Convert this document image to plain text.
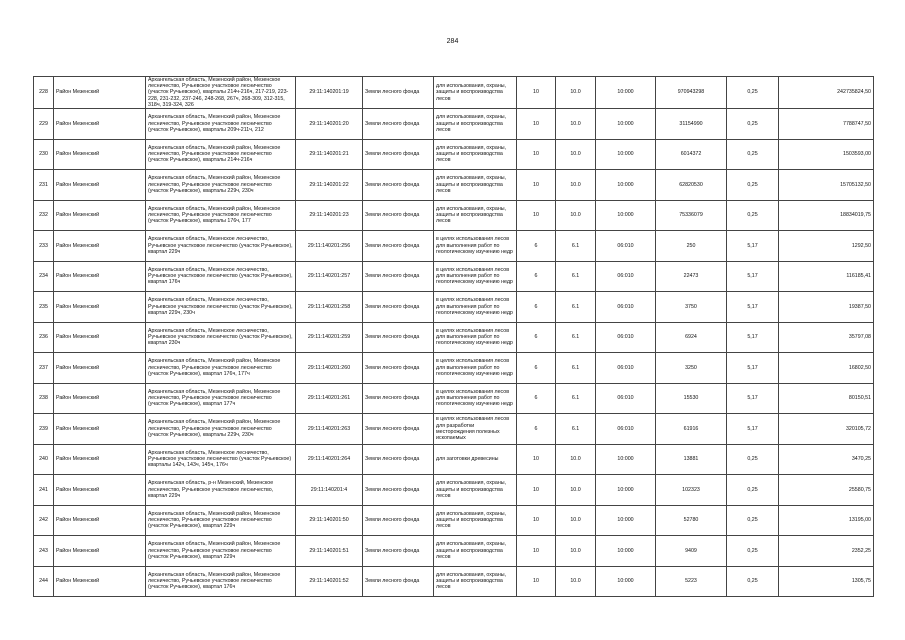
284
228	Район Мезенский	Архангельская область, Мезенский район, Мезенское лесничество, Ручьевское участковое лесничество (участок Ручьевское), кварталы 214ч-216ч, 217-219, 223-228, 231-232, 237-246, 248-268, 267ч, 268-309, 312-315, 318ч, 319-324, 326	29:11:140201:19	Земли лесного фонда	для использования, охраны, защиты и воспроизводства лесов	10	10.0	10:000	970943298	0,25	242735824,50
229	Район Мезенский	Архангельская область, Мезенский район, Мезенское лесничество, Ручьевское участковое лесничество (участок Ручьевское), кварталы 209ч-211ч, 212	29:11:140201:20	Земли лесного фонда	для использования, охраны, защиты и воспроизводства лесов	10	10.0	10:000	31154990	0,25	7788747,50
230	Район Мезенский	Архангельская область, Мезенский район, Мезенское лесничество, Ручьевское участковое лесничество (участок Ручьевское), кварталы 214ч-216ч	29:11:140201:21	Земли лесного фонда	для использования, охраны, защиты и воспроизводства лесов	10	10.0	10:000	6014372	0,25	1503593,00
231	Район Мезенский	Архангельская область, Мезенский район, Мезенское лесничество, Ручьевское участковое лесничество (участок Ручьевское), кварталы 229ч, 230ч	29:11:140201:22	Земли лесного фонда	для использования, охраны, защиты и воспроизводства лесов	10	10.0	10:000	62820530	0,25	15705132,50
232	Район Мезенский	Архангельская область, Мезенский район, Мезенское лесничество, Ручьевское участковое лесничество (участок Ручьевское), кварталы 176ч, 177	29:11:140201:23	Земли лесного фонда	для использования, охраны, защиты и воспроизводства лесов	10	10.0	10:000	75336079	0,25	18834019,75
233	Район Мезенский	Архангельская область, Мезенское лесничество, Ручьевское участковое лесничество (участок Ручьевское), квартал 229ч	29:11:140201:256	Земли лесного фонда	в целях использования лесов для выполнения работ по геологическому изучению недр	6	6.1	06:010	250	5,17	1292,50
234	Район Мезенский	Архангельская область, Мезенское лесничество, Ручьевское участковое лесничество (участок Ручьевское), квартал 176ч	29:11:140201:257	Земли лесного фонда	в целях использования лесов для выполнения работ по геологическому изучению недр	6	6.1	06:010	22473	5,17	116185,41
235	Район Мезенский	Архангельская область, Мезенское лесничество, Ручьевское участковое лесничество (участок Ручьевское), квартал 229ч, 230ч	29:11:140201:258	Земли лесного фонда	в целях использования лесов для выполнения работ по геологическому изучению недр	6	6.1	06:010	3750	5,17	19387,50
236	Район Мезенский	Архангельская область, Мезенское лесничество, Ручьевское участковое лесничество (участок Ручьевское), квартал 230ч	29:11:140201:259	Земли лесного фонда	в целях использования лесов для выполнения работ по геологическому изучению недр	6	6.1	06:010	6924	5,17	35797,08
237	Район Мезенский	Архангельская область, Мезенский район, Мезенское лесничество, Ручьевское участковое лесничество (участок Ручьевское), квартал 176ч, 177ч	29:11:140201:260	Земли лесного фонда	в целях использования лесов для выполнения работ по геологическому изучению недр	6	6.1	06:010	3250	5,17	16802,50
238	Район Мезенский	Архангельская область, Мезенский район, Мезенское лесничество, Ручьевское участковое лесничество (участок Ручьевское), квартал 177ч	29:11:140201:261	Земли лесного фонда	в целях использования лесов для выполнения работ по геологическому изучению недр	6	6.1	06:010	15530	5,17	80150,51
239	Район Мезенский	Архангельская область, Мезенский район, Мезенское лесничество, Ручьевское участковое лесничество (участок Ручьевское), кварталы 229ч, 230ч	29:11:140201:263	Земли лесного фонда	в целях использования лесов для разработки месторождения полезных ископаемых	6	6.1	06:010	61916	5,17	320105,72
240	Район Мезенский	Архангельская область, Мезенское лесничество, Ручьевское участковое лесничество (участок Ручьевское) кварталы 142ч, 143ч, 145ч, 176ч	29:11:140201:264	Земли лесного фонда	для заготовки древесины	10	10.0	10:000	13881	0,25	3470,25
241	Район Мезенский	Архангельская область, р-н Мезенский, Мезенское лесничество, Ручьевское участковое лесничество, квартал 229ч	29:11:140201:4	Земли лесного фонда	для использования, охраны, защиты и воспроизводства лесов	10	10.0	10:000	102323	0,25	25580,75
242	Район Мезенский	Архангельская область, Мезенский район, Мезенское лесничество, Ручьевское участковое лесничество (участок Ручьевское), квартал 229ч	29:11:140201:50	Земли лесного фонда	для использования, охраны, защиты и воспроизводства лесов	10	10.0	10:000	52780	0,25	13195,00
243	Район Мезенский	Архангельская область, Мезенский район, Мезенское лесничество, Ручьевское участковое лесничество (участок Ручьевское), квартал 229ч	29:11:140201:51	Земли лесного фонда	для использования, охраны, защиты и воспроизводства лесов	10	10.0	10:000	9409	0,25	2352,25
244	Район Мезенский	Архангельская область, Мезенский район, Мезенское лесничество, Ручьевское участковое лесничество (участок Ручьевское), квартал 176ч	29:11:140201:52	Земли лесного фонда	для использования, охраны, защиты и воспроизводства лесов	10	10.0	10:000	5223	0,25	1305,75
